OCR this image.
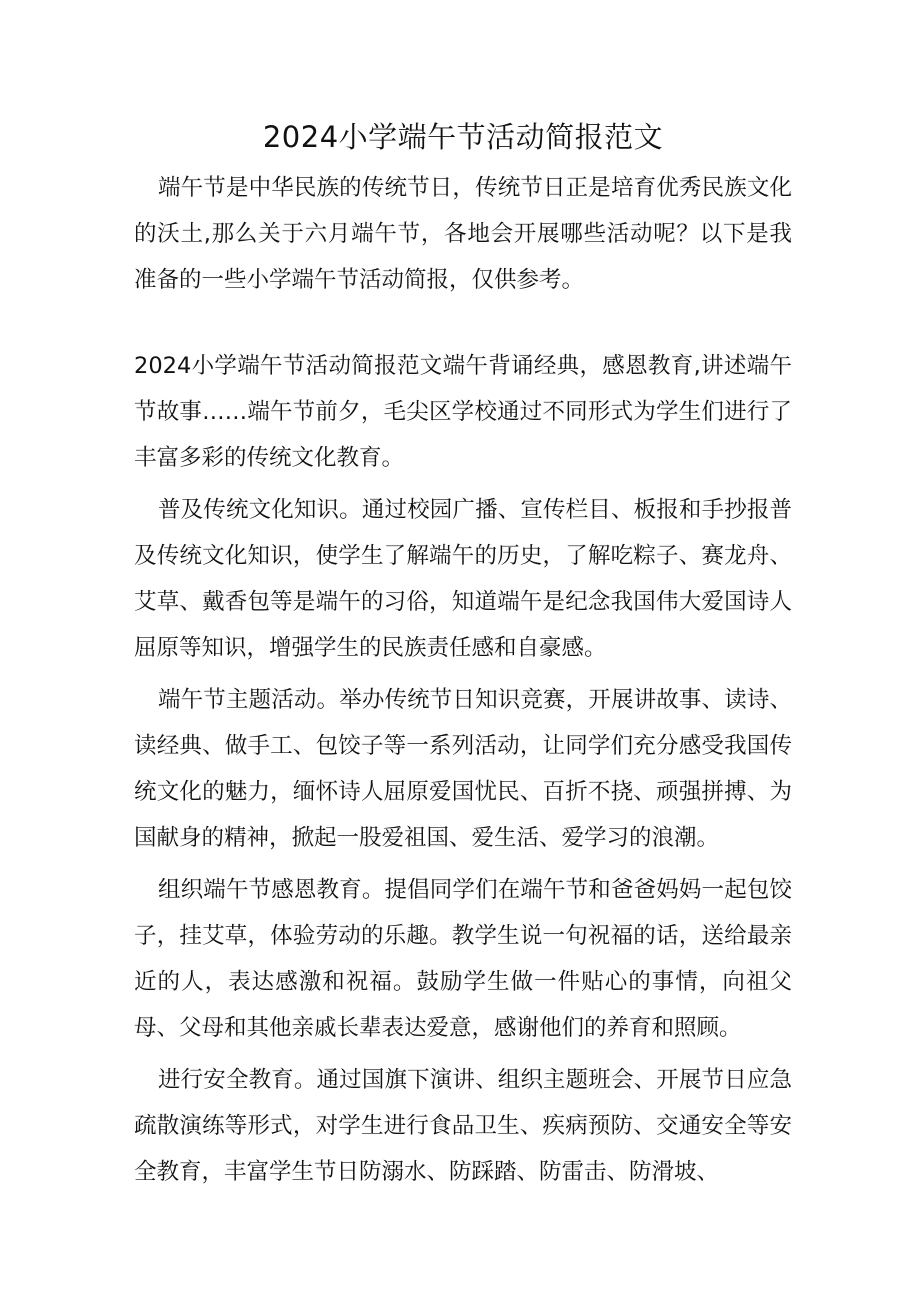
2024小学端午节活动简报范文

端午节是中华民族的传统节日，传统节日正是培育优秀民族文化的沃土,那么关于六月端午节，各地会开展哪些活动呢？以下是我准备的一些小学端午节活动简报，仅供参考。

2024小学端午节活动简报范文端午背诵经典，感恩教育,讲述端午节故事……端午节前夕，毛尖区学校通过不同形式为学生们进行了丰富多彩的传统文化教育。

普及传统文化知识。通过校园广播、宣传栏目、板报和手抄报普及传统文化知识，使学生了解端午的历史，了解吃粽子、赛龙舟、艾草、戴香包等是端午的习俗，知道端午是纪念我国伟大爱国诗人屈原等知识，增强学生的民族责任感和自豪感。

端午节主题活动。举办传统节日知识竞赛，开展讲故事、读诗、读经典、做手工、包饺子等一系列活动，让同学们充分感受我国传统文化的魅力，缅怀诗人屈原爱国忧民、百折不挠、顽强拼搏、为国献身的精神，掀起一股爱祖国、爱生活、爱学习的浪潮。

组织端午节感恩教育。提倡同学们在端午节和爸爸妈妈一起包饺子，挂艾草，体验劳动的乐趣。教学生说一句祝福的话，送给最亲近的人，表达感激和祝福。鼓励学生做一件贴心的事情，向祖父母、父母和其他亲戚长辈表达爱意，感谢他们的养育和照顾。

进行安全教育。通过国旗下演讲、组织主题班会、开展节日应急疏散演练等形式，对学生进行食品卫生、疾病预防、交通安全等安全教育，丰富学生节日防溺水、防踩踏、防雷击、防滑坡、
